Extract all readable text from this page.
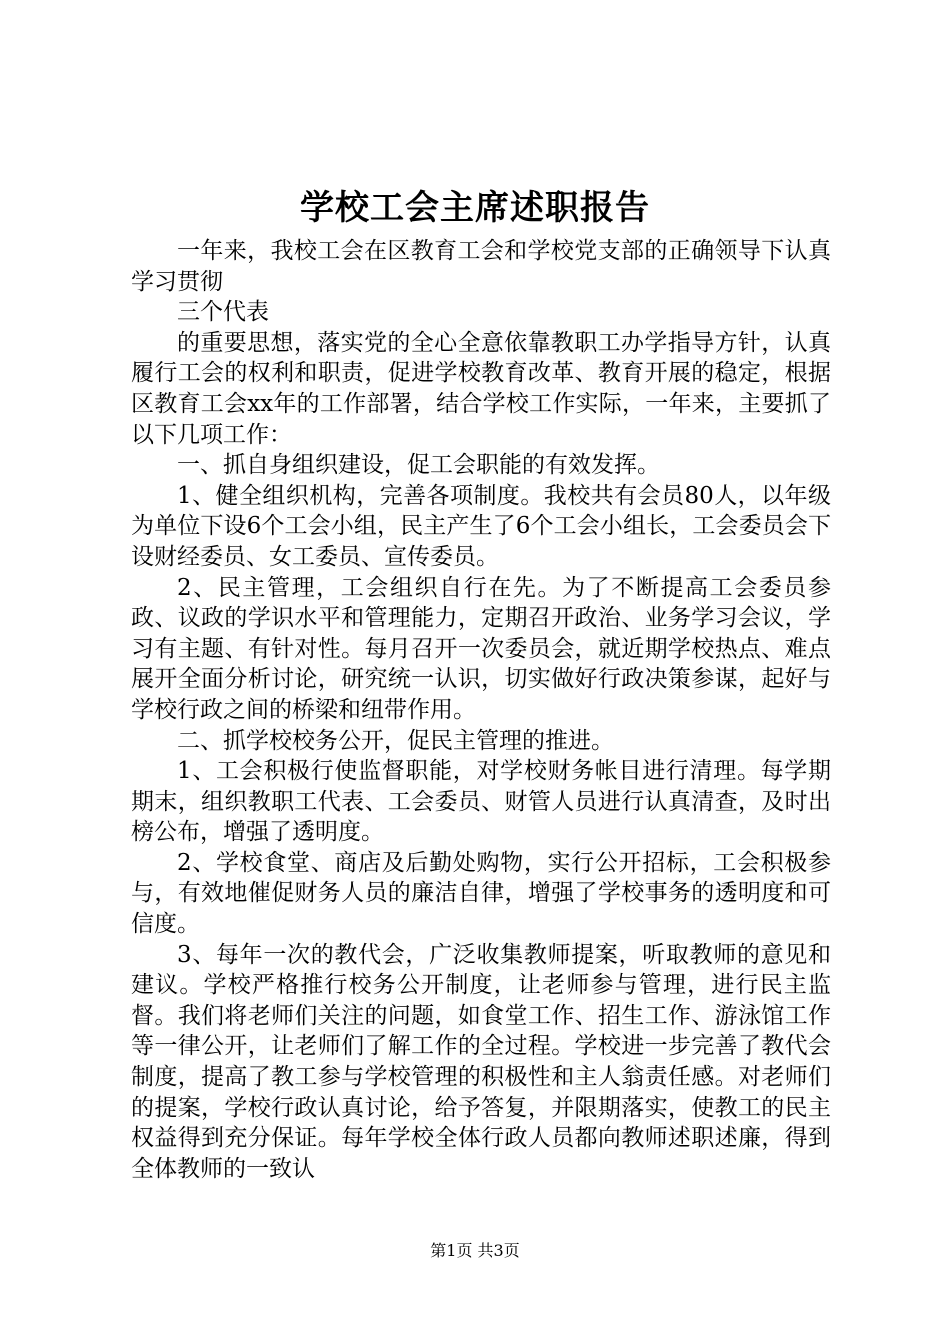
学校工会主席述职报告

一年来，我校工会在区教育工会和学校党支部的正确领导下认真学习贯彻

三个代表

的重要思想，落实党的全心全意依靠教职工办学指导方针，认真履行工会的权利和职责，促进学校教育改革、教育开展的稳定，根据区教育工会xx年的工作部署，结合学校工作实际，一年来，主要抓了以下几项工作：

一、抓自身组织建设，促工会职能的有效发挥。

1、健全组织机构，完善各项制度。我校共有会员80人，以年级为单位下设6个工会小组，民主产生了6个工会小组长，工会委员会下设财经委员、女工委员、宣传委员。

2、民主管理，工会组织自行在先。为了不断提高工会委员参政、议政的学识水平和管理能力，定期召开政治、业务学习会议，学习有主题、有针对性。每月召开一次委员会，就近期学校热点、难点展开全面分析讨论，研究统一认识，切实做好行政决策参谋，起好与学校行政之间的桥梁和纽带作用。

二、抓学校校务公开，促民主管理的推进。

1、工会积极行使监督职能，对学校财务帐目进行清理。每学期期末，组织教职工代表、工会委员、财管人员进行认真清查，及时出榜公布，增强了透明度。

2、学校食堂、商店及后勤处购物，实行公开招标，工会积极参与，有效地催促财务人员的廉洁自律，增强了学校事务的透明度和可信度。

3、每年一次的教代会，广泛收集教师提案，听取教师的意见和建议。学校严格推行校务公开制度，让老师参与管理，进行民主监督。我们将老师们关注的问题，如食堂工作、招生工作、游泳馆工作等一律公开，让老师们了解工作的全过程。学校进一步完善了教代会制度，提高了教工参与学校管理的积极性和主人翁责任感。对老师们的提案，学校行政认真讨论，给予答复，并限期落实，使教工的民主权益得到充分保证。每年学校全体行政人员都向教师述职述廉，得到全体教师的一致认

第1页 共3页
